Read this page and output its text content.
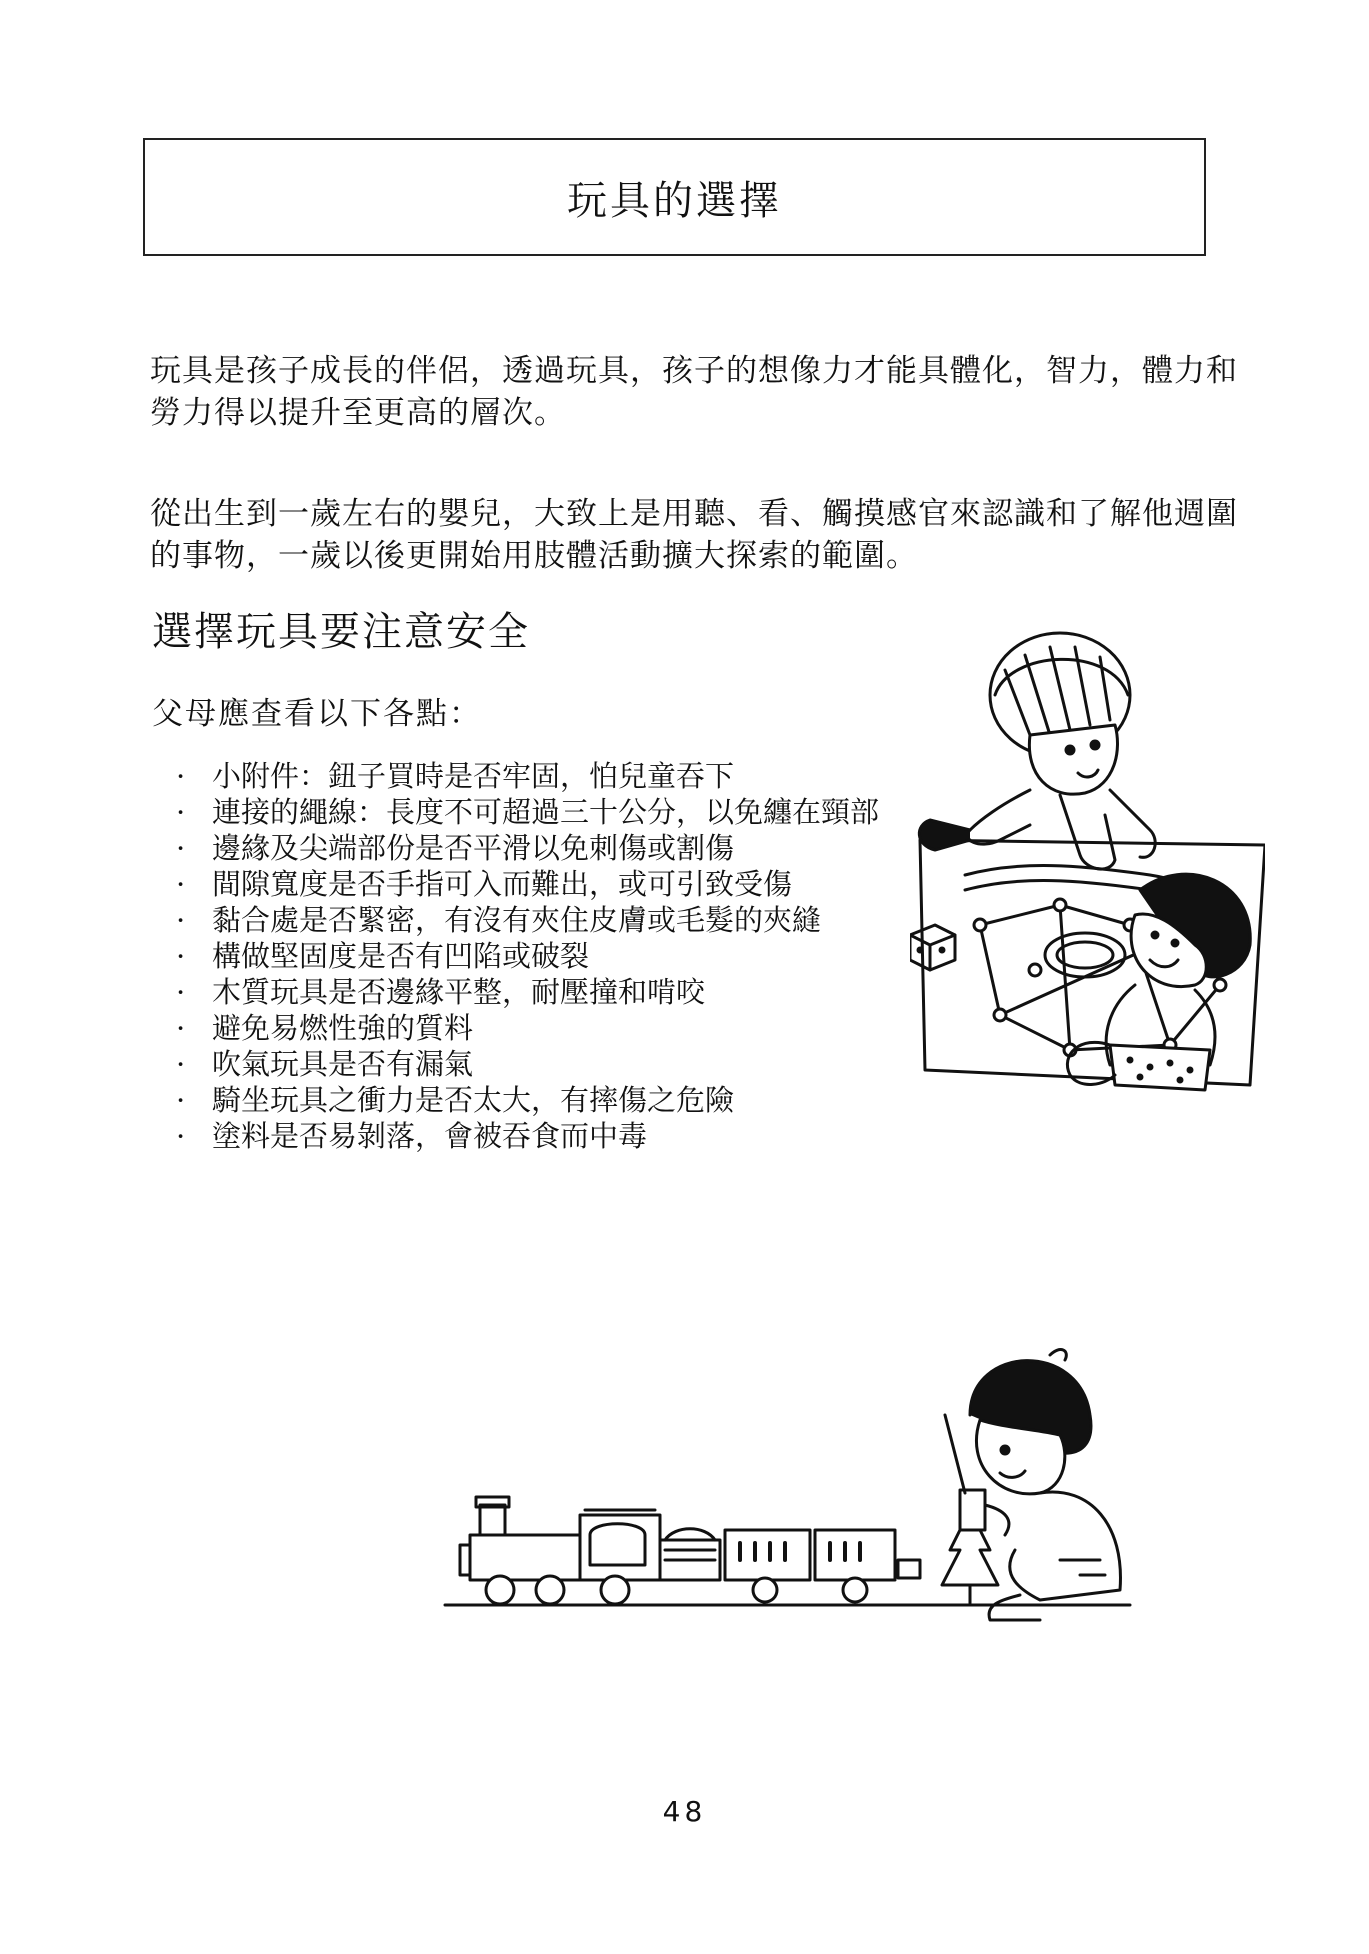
玩具的選擇

玩具是孩子成長的伴侶，透過玩具，孩子的想像力才能具體化，智力，體力和勞力得以提升至更高的層次。

從出生到一歲左右的嬰兒，大致上是用聽、看、觸摸感官來認識和了解他週圍的事物，一歲以後更開始用肢體活動擴大探索的範圍。

選擇玩具要注意安全

父母應查看以下各點：

· 小附件：鈕子買時是否牢固，怕兒童吞下
· 連接的繩線：長度不可超過三十公分，以免纏在頸部
· 邊緣及尖端部份是否平滑以免刺傷或割傷
· 間隙寬度是否手指可入而難出，或可引致受傷
· 黏合處是否緊密，有沒有夾住皮膚或毛髮的夾縫
· 構做堅固度是否有凹陷或破裂
· 木質玩具是否邊緣平整，耐壓撞和啃咬
· 避免易燃性強的質料
· 吹氣玩具是否有漏氣
· 騎坐玩具之衝力是否太大，有摔傷之危險
· 塗料是否易剝落，會被吞食而中毒
48
